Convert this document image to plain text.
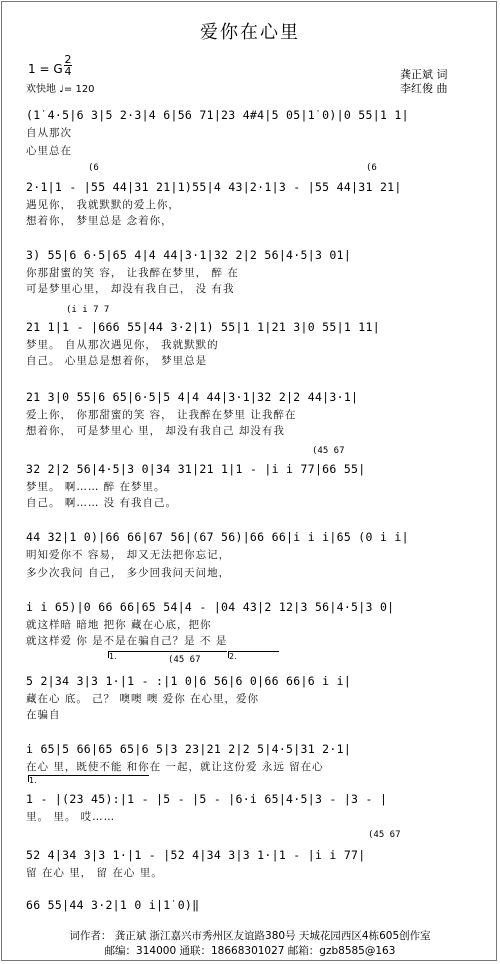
爱你在心里
1 = G
2
4
欢快地 ♩= 120
龚正斌 词
李红俊 曲
(6	(6
(i i 7 7
(45 67
(45 67
(45 67
1.	2.
1.
(1̇ 4·5|6 3|5 2·3|4 6|56 71|23 4#4|5 05|1̇ 0)|0 55|1 1|
自从那次
心里总在
2·1|1 - |55 44|31 21|1)55|4 43|2·1|3 - |55 44|31 21|
遇见你， 我就默默的爱上你，
想着你， 梦里总是 念着你，
3) 55|6 6·5|65 4|4 44|3·1|32 2|2 56|4·5|3 01|
你那甜蜜的笑 容， 让我醉在梦里， 醉 在
可是梦里心里， 却没有我自己， 没 有我
21 1|1 - |666 55|44 3·2|1) 55|1 1|21 3|0 55|1 11|
梦里。 自从那次遇见你， 我就默默的
自己。 心里总是想着你， 梦里总是
21 3|0 55|6 65|6·5|5 4|4 44|3·1|32 2|2 44|3·1|
爱上你， 你那甜蜜的笑 容， 让我醉在梦里 让我醉在
想着你， 可是梦里心 里， 却没有我自己 却没有我
32 2|2 56|4·5|3 0|34 31|21 1|1 - |i i 77|66 55|
梦里。 啊…… 醉 在梦里。
自己。 啊…… 没 有我自己。
44 32|1 0)|66 66|67 56|(67 56)|66 66|i i i|65 (0 i i|
明知爱你不 容易， 却又无法把你忘记，
多少次我问 自己， 多少回我问天问地，
i i 65)|0 66 66|65 54|4 - |04 43|2 12|3 56|4·5|3 0|
就这样暗 暗地 把你 藏在心底，把你
就这样爱 你 是不是在骗自己？是 不 是
5 2|34 3|3 1·|1 - :|1 0|6 56|6 0|66 66|6 i i|
藏在心 底。 己？ 噢噢 噢 爱你 在心里，爱你
在骗自
i 65|5 66|65 65|6 5|3 23|21 2|2 5|4·5|31 2·1|
在心 里，既使不能 和你在 一起，就让这份爱 永远 留在心
1 - |(23 45):|1 - |5 - |5 - |6·i 65|4·5|3 - |3 - |
里。 里。 哎……
52 4|34 3|3 1·|1 - |52 4|34 3|3 1·|1 - |i i 77|
留 在心 里， 留 在心 里。
66 55|44 3·2|1 0 i|1̇ 0)‖
词作者： 龚正斌 浙江嘉兴市秀州区友谊路380号 天城花园西区4栋605创作室
邮编：314000 通联：18668301027 邮箱：gzb8585@163
